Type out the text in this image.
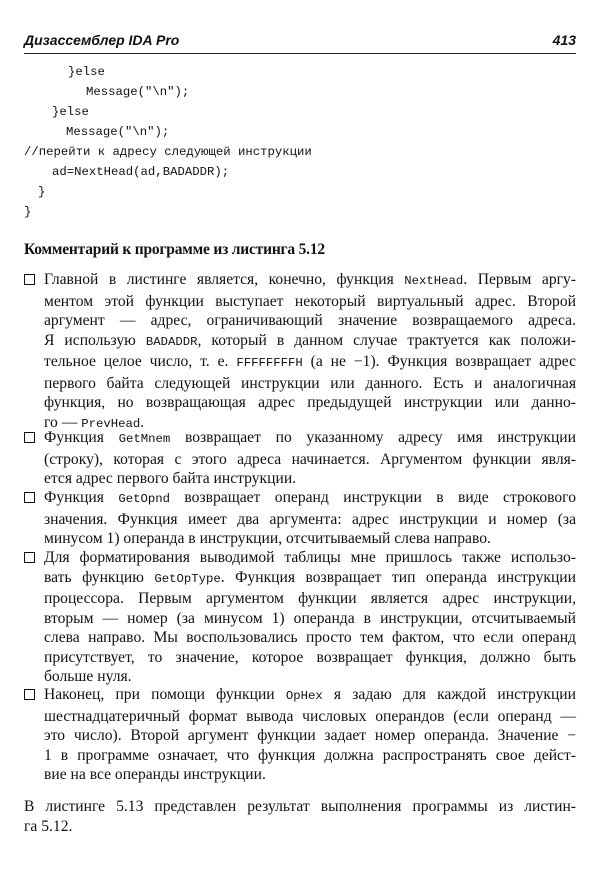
Дизассемблер IDA Pro	413
}else
Message("\n");
}else
Message("\n");
//перейти к адресу следующей инструкции
ad=NextHead(ad,BADADDR);
}
}
Комментарий к программе из листинга 5.12
Главной в листинге является, конечно, функция NextHead. Первым аргу-
ментом этой функции выступает некоторый виртуальный адрес. Второй
аргумент — адрес, ограничивающий значение возвращаемого адреса.
Я использую BADADDR, который в данном случае трактуется как положи-
тельное целое число, т. е. FFFFFFFFH (а не −1). Функция возвращает адрес
первого байта следующей инструкции или данного. Есть и аналогичная
функция, но возвращающая адрес предыдущей инструкции или данно-
го — PrevHead.
Функция GetMnem возвращает по указанному адресу имя инструкции
(строку), которая с этого адреса начинается. Аргументом функции явля-
ется адрес первого байта инструкции.
Функция GetOpnd возвращает операнд инструкции в виде строкового
значения. Функция имеет два аргумента: адрес инструкции и номер (за
минусом 1) операнда в инструкции, отсчитываемый слева направо.
Для форматирования выводимой таблицы мне пришлось также использо-
вать функцию GetOpType. Функция возвращает тип операнда инструкции
процессора. Первым аргументом функции является адрес инструкции,
вторым — номер (за минусом 1) операнда в инструкции, отсчитываемый
слева направо. Мы воспользовались просто тем фактом, что если операнд
присутствует, то значение, которое возвращает функция, должно быть
больше нуля.
Наконец, при помощи функции OpHex я задаю для каждой инструкции
шестнадцатеричный формат вывода числовых операндов (если операнд —
это число). Второй аргумент функции задает номер операнда. Значение −
1 в программе означает, что функция должна распространять свое дейст-
вие на все операнды инструкции.
В листинге 5.13 представлен результат выполнения программы из листин-
га 5.12.
